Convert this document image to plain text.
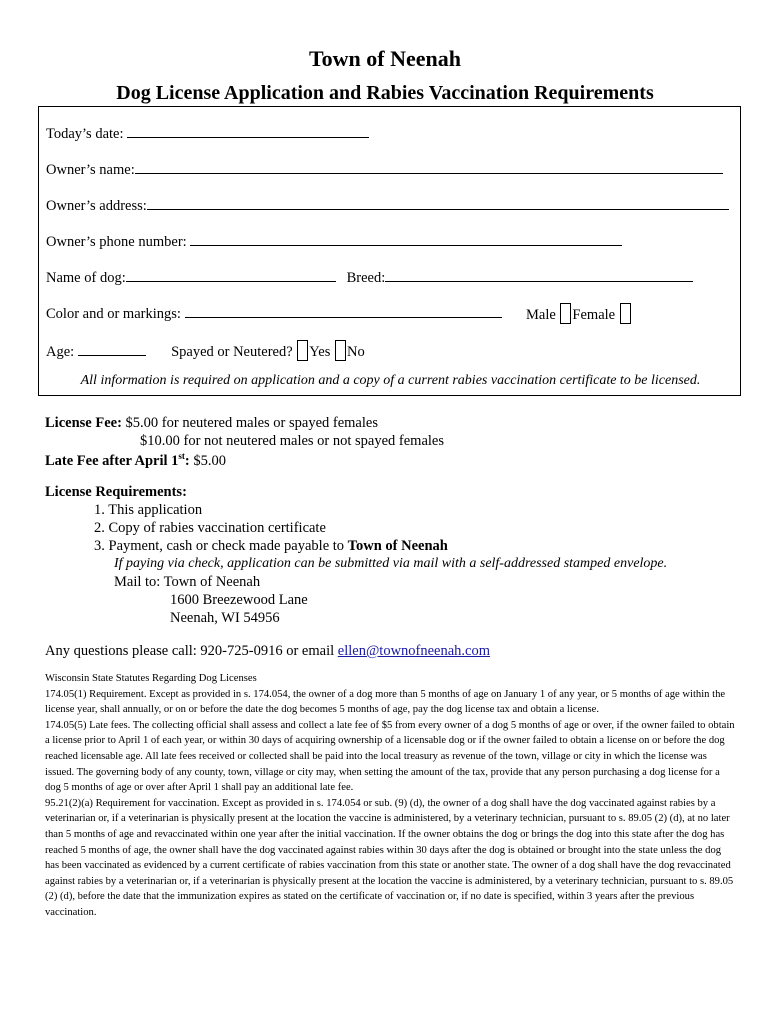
Town of Neenah
Dog License Application and Rabies Vaccination Requirements
Today’s date:
Owner’s name:
Owner’s address:
Owner’s phone number:
Name of dog:	Breed:
Color and or markings:	Male Female
Age:	Spayed or Neutered? Yes No
All information is required on application and a copy of a current rabies vaccination certificate to be licensed.
License Fee: $5.00 for neutered males or spayed females
$10.00 for not neutered males or not spayed females
Late Fee after April 1st: $5.00
License Requirements:
1. This application
2. Copy of rabies vaccination certificate
3. Payment, cash or check made payable to Town of Neenah
If paying via check, application can be submitted via mail with a self-addressed stamped envelope.
Mail to: Town of Neenah
1600 Breezewood Lane
Neenah, WI 54956
Any questions please call: 920-725-0916 or email ellen@townofneenah.com

Wisconsin State Statutes Regarding Dog Licenses

174.05(1) Requirement. Except as provided in s. 174.054, the owner of a dog more than 5 months of age on January 1 of any year, or 5 months of age within the license year, shall annually, or on or before the date the dog becomes 5 months of age, pay the dog license tax and obtain a license.

174.05(5) Late fees. The collecting official shall assess and collect a late fee of $5 from every owner of a dog 5 months of age or over, if the owner failed to obtain a license prior to April 1 of each year, or within 30 days of acquiring ownership of a licensable dog or if the owner failed to obtain a license on or before the dog reached licensable age. All late fees received or collected shall be paid into the local treasury as revenue of the town, village or city in which the license was issued. The governing body of any county, town, village or city may, when setting the amount of the tax, provide that any person purchasing a dog license for a dog 5 months of age or over after April 1 shall pay an additional late fee.

95.21(2)(a) Requirement for vaccination. Except as provided in s. 174.054 or sub. (9) (d), the owner of a dog shall have the dog vaccinated against rabies by a veterinarian or, if a veterinarian is physically present at the location the vaccine is administered, by a veterinary technician, pursuant to s. 89.05 (2) (d), at no later than 5 months of age and revaccinated within one year after the initial vaccination. If the owner obtains the dog or brings the dog into this state after the dog has reached 5 months of age, the owner shall have the dog vaccinated against rabies within 30 days after the dog is obtained or brought into the state unless the dog has been vaccinated as evidenced by a current certificate of rabies vaccination from this state or another state. The owner of a dog shall have the dog revaccinated against rabies by a veterinarian or, if a veterinarian is physically present at the location the vaccine is administered, by a veterinary technician, pursuant to s. 89.05 (2) (d), before the date that the immunization expires as stated on the certificate of vaccination or, if no date is specified, within 3 years after the previous vaccination.
